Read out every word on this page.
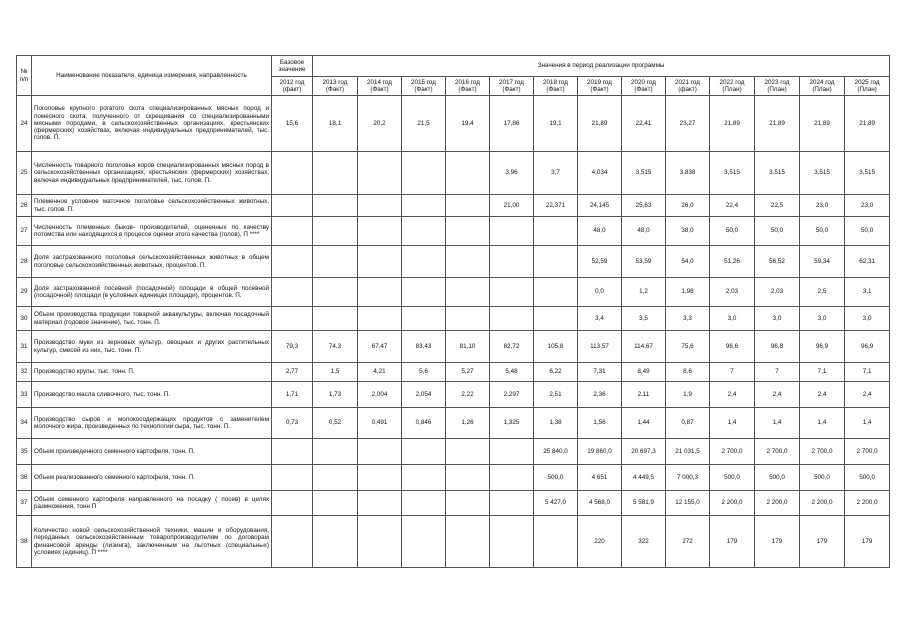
№ п/п	Наименование показателя, единица измерения, направленность	Базовое значение	Значения в период реализации программы												
		2012 год (факт)	2013 год (Факт)	2014 год (Факт)	2015 год (Факт)	2016 год (Факт)	2017 год (Факт)	2018 год (Факт)	2019 год (Факт)	2020 год (Факт)	2021 год (факт)	2022 год (План)	2023 год (План)	2024 год (План)	2025 год (План)
24	Поголовье крупного рогатого скота специализированных мясных пород и помесного скота, полученного от скрещивания со специализированными мясными породами, в сельскохозяйственных организациях, крестьянских (фермерских) хозяйствах, включая индивидуальных предпринимателей, тыс. голов. П.	15,6	18,1	20,2	21,5	19,4	17,86	19,1	21,89	22,41	23,27	21,89	21,89	21,89	21,89
25	Численность товарного поголовья коров специализированных мясных пород в сельскохозяйственных организациях, крестьянских (фермерских) хозяйствах, включая индивидуальных предпринимателей, тыс. голов. П.						3,96	3,7	4,034	3,515	3,838	3,515	3,515	3,515	3,515
26	Племенное условное маточное поголовье сельскохозяйственных животных, тыс. голов. П.						21,00	22,371	24,145	25,63	26,0	22,4	22,5	23,0	23,0
27	Численность племенных быков- производителей, оцененных по качеству потомства или находящихся в процессе оценки этого качества (голов), П ****								48,0	48,0	38,0	50,0	50,0	50,0	50,0
28	Доля застрахованного поголовья сельскохозяйственных животных в общем поголовье сельскохозяйственных животных, процентов. П.								52,59	53,59	54,0	51,26	56,52	59,34	62,31
29	Доля застрахованной посевной (посадочной) площади в общей посевной (посадочной) площади (в условных единицах площади), процентов. П.								0,0	1,2	1,98	2,03	2,03	2,5	3,1
30	Объем производства продукции товарной аквакультуры, включая посадочный материал (годовое значение), тыс. тонн. П.								3,4	3,5	3,3	3,0	3,0	3,0	3,0
31	Производство муки из зерновых культур, овощных и других растительных культур, смесей из них, тыс. тонн. П.	79,3	74,3	67,47	83,43	81,10	82,72	105,8	113,57	114,67	75,6	96,6	96,8	96,9	96,9
32	Производство крупы, тыс. тонн. П.	2,77	1,5	4,21	5,6	5,27	5,48	6,22	7,31	8,49	8,6	7	7	7,1	7,1
33	Производство масла сливочного, тыс. тонн. П.	1,71	1,73	2,004	2,054	2,22	2,297	2,51	2,36	2,11	1,9	2,4	2,4	2,4	2,4
34	Производство сыров и молокосодержащих продуктов с заменителем молочного жира, произведенных по технологии сыра, тыс. тонн. П.	0,73	0,52	0,491	0,846	1,26	1,325	1,38	1,56	1,44	0,87	1,4	1,4	1,4	1,4
35	Объем произведенного семенного картофеля, тонн. П.							25 840,0	19 860,0	20 697,3	21 031,5	2 700,0	2 700,0	2 700,0	2 700,0
36	Объем реализованного семенного картофеля, тонн. П.							500,0	4 651	4 449,5	7 000,3	500,0	500,0	500,0	500,0
37	Объем семенного картофеля направленного на посадку ( посев) в целях размножения, тонн П							5 427,0	4 568,0	5 581,9	12 155,0	2 200,0	2 200,0	2 200,0	2 200,0
38	Количество новой сельскохозяйственной техники, машин и оборудования, переданных сельскохозяйственным товаропроизводителям по договорам финансовой аренды (лизинга), заключенным на льготных (специальных) условиях (единиц). П ****								220	322	272	179	179	179	179
